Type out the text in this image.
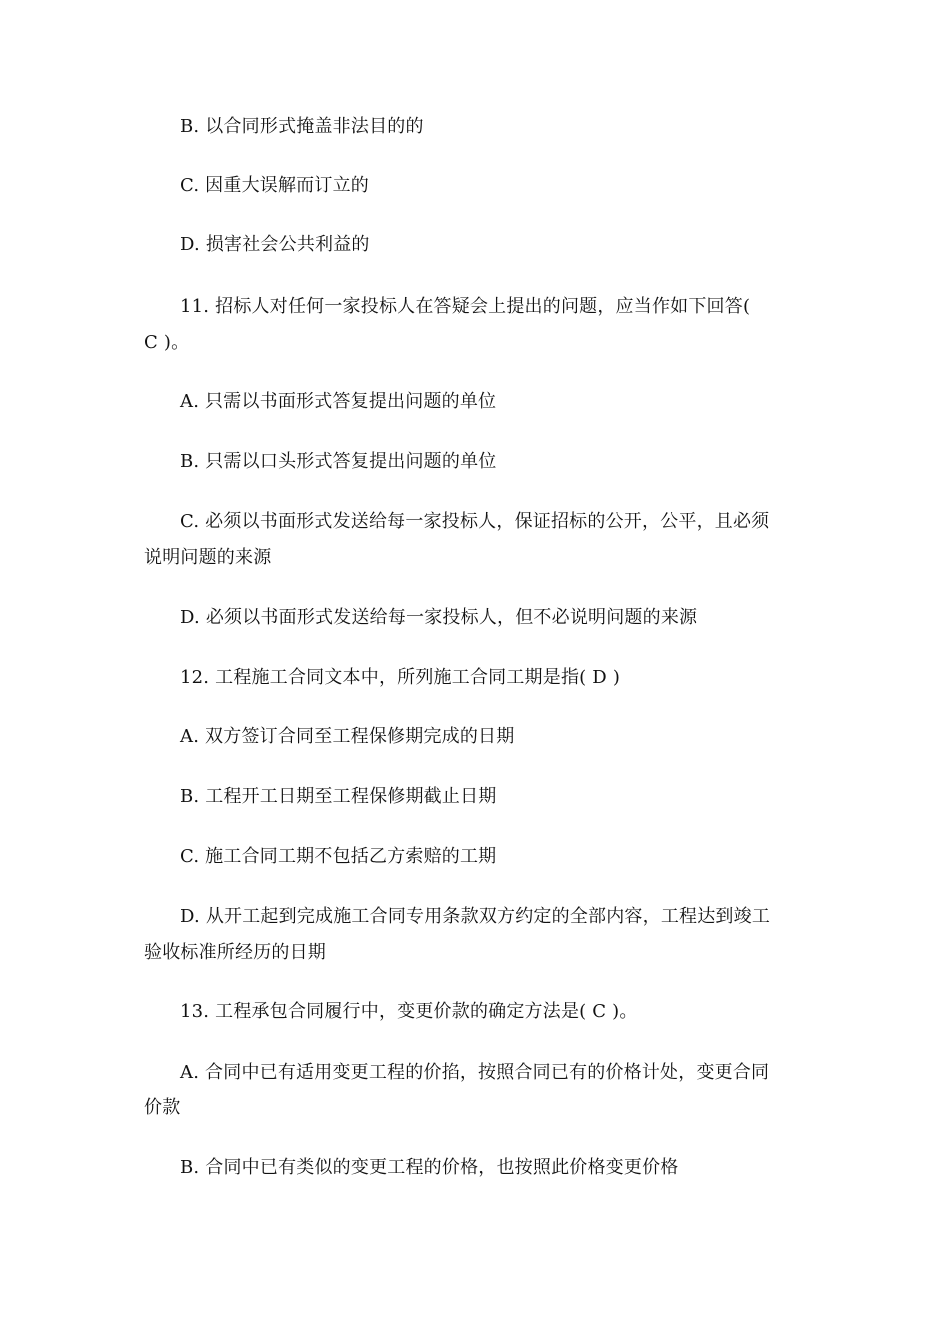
B. 以合同形式掩盖非法目的的
C. 因重大误解而订立的
D. 损害社会公共利益的
11. 招标人对任何一家投标人在答疑会上提出的问题，应当作如下回答(
C )。
A. 只需以书面形式答复提出问题的单位
B. 只需以口头形式答复提出问题的单位
C. 必须以书面形式发送给每一家投标人，保证招标的公开，公平，且必须
说明问题的来源
D. 必须以书面形式发送给每一家投标人，但不必说明问题的来源
12. 工程施工合同文本中，所列施工合同工期是指( D )
A. 双方签订合同至工程保修期完成的日期
B. 工程开工日期至工程保修期截止日期
C. 施工合同工期不包括乙方索赔的工期
D. 从开工起到完成施工合同专用条款双方约定的全部内容，工程达到竣工
验收标准所经历的日期
13. 工程承包合同履行中，变更价款的确定方法是( C )。
A. 合同中已有适用变更工程的价掐，按照合同已有的价格计处，变更合同
价款
B. 合同中已有类似的变更工程的价格，也按照此价格变更价格
